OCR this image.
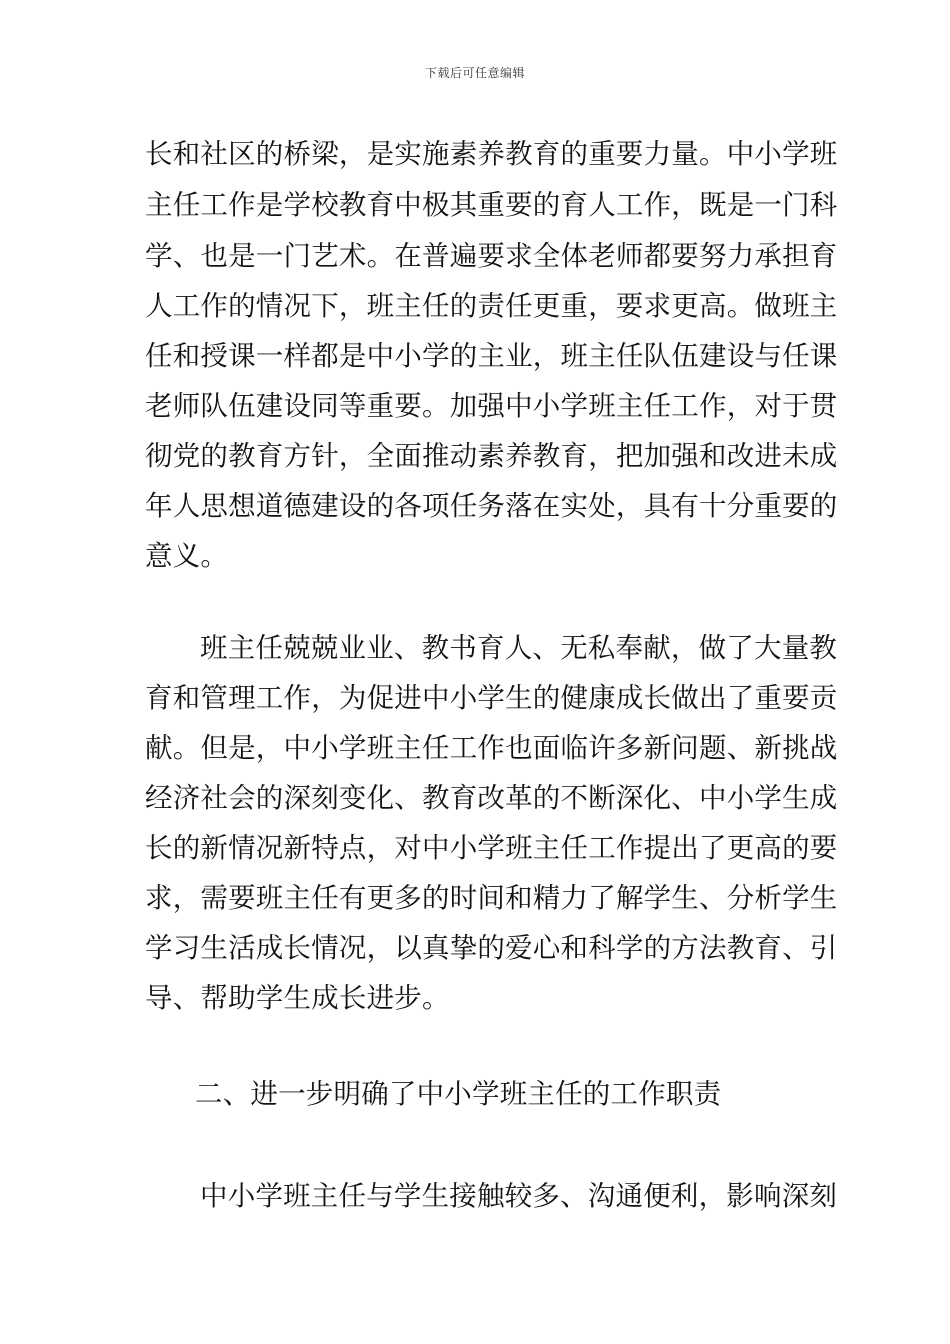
下载后可任意编辑
长和社区的桥梁，是实施素养教育的重要力量。中小学班
主任工作是学校教育中极其重要的育人工作，既是一门科
学、也是一门艺术。在普遍要求全体老师都要努力承担育
人工作的情况下，班主任的责任更重，要求更高。做班主
任和授课一样都是中小学的主业，班主任队伍建设与任课
老师队伍建设同等重要。加强中小学班主任工作，对于贯
彻党的教育方针，全面推动素养教育，把加强和改进未成
年人思想道德建设的各项任务落在实处，具有十分重要的
意义。
班主任兢兢业业、教书育人、无私奉献，做了大量教
育和管理工作，为促进中小学生的健康成长做出了重要贡
献。但是，中小学班主任工作也面临许多新问题、新挑战
经济社会的深刻变化、教育改革的不断深化、中小学生成
长的新情况新特点，对中小学班主任工作提出了更高的要
求，需要班主任有更多的时间和精力了解学生、分析学生
学习生活成长情况，以真挚的爱心和科学的方法教育、引
导、帮助学生成长进步。
二、进一步明确了中小学班主任的工作职责
中小学班主任与学生接触较多、沟通便利，影响深刻
